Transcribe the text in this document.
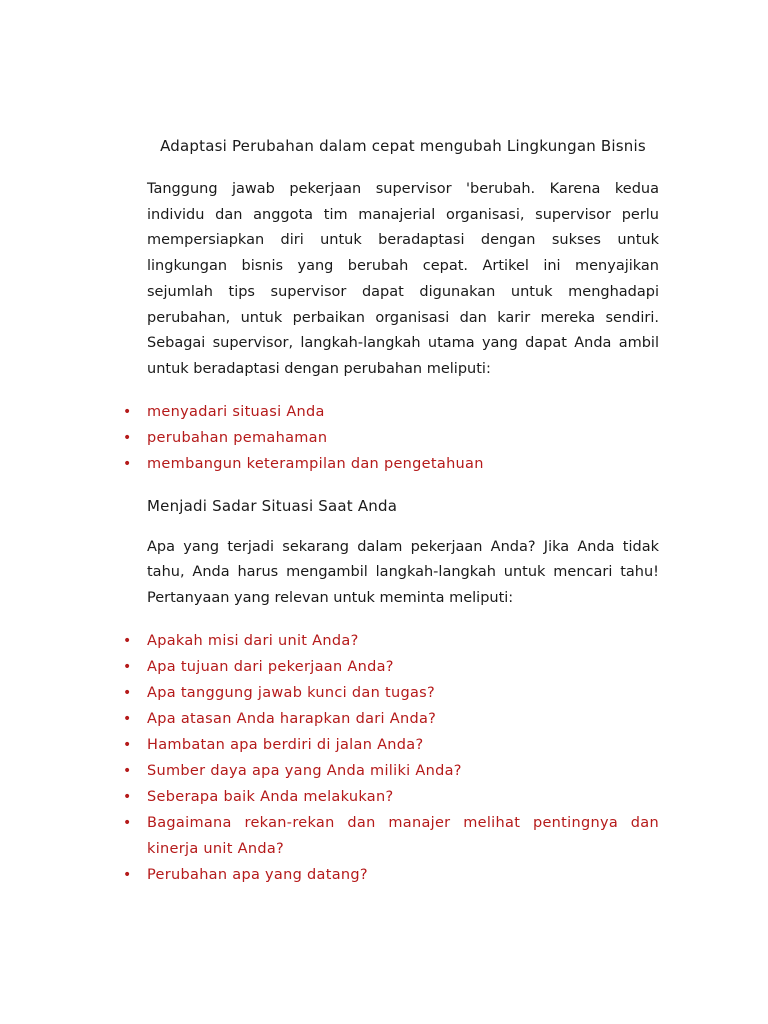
Adaptasi Perubahan dalam cepat mengubah Lingkungan Bisnis

Tanggung jawab pekerjaan supervisor 'berubah. Karena kedua individu dan anggota tim manajerial organisasi, supervisor perlu mempersiapkan diri untuk beradaptasi dengan sukses untuk lingkungan bisnis yang berubah cepat. Artikel ini menyajikan sejumlah tips supervisor dapat digunakan untuk menghadapi perubahan, untuk perbaikan organisasi dan karir mereka sendiri. Sebagai supervisor, langkah-langkah utama yang dapat Anda ambil untuk beradaptasi dengan perubahan meliputi:

• menyadari situasi Anda
• perubahan pemahaman
• membangun keterampilan dan pengetahuan
Menjadi Sadar Situasi Saat Anda

Apa yang terjadi sekarang dalam pekerjaan Anda? Jika Anda tidak tahu, Anda harus mengambil langkah-langkah untuk mencari tahu! Pertanyaan yang relevan untuk meminta meliputi:

• Apakah misi dari unit Anda?
• Apa tujuan dari pekerjaan Anda?
• Apa tanggung jawab kunci dan tugas?
• Apa atasan Anda harapkan dari Anda?
• Hambatan apa berdiri di jalan Anda?
• Sumber daya apa yang Anda miliki Anda?
• Seberapa baik Anda melakukan?
• Bagaimana rekan-rekan dan manajer melihat pentingnya dan kinerja unit Anda?
• Perubahan apa yang datang?
